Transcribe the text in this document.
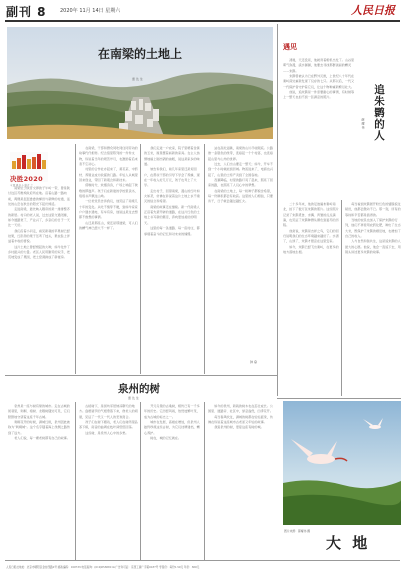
副刊 8	2020年 11月 14日 星期六	人民日报
在南梁的土地上
雷 达 生
决胜2020
全面建成小康社会
遇见
追朱鹮的人
薛 耀 伟

南梁位于陕甘交界的子午岭一带，曾是陕甘边区苏维埃政府所在地。沿着山路一路向前，两侧是层层叠叠的梯田与新修的村道，远处的山峦在秋日的阳光下起伏绵延。

走进南梁，最先映入眼帘的是一排排整齐的新居。村口的老人说，过去这里交通闭塞，如今道路宽了，产业兴了，乡亲们的日子一天比一天好。

我们沿着小河走，看见新栽的苹果树已经挂果，红彤彤的果子压弯了枝头，果农脸上洋溢着丰收的喜悦。

这片土地上曾经燃起的火种，如今化作了乡村振兴的力量。老区人民用勤劳的双手，把荒坡变成了果园，把土窑洞换成了新楼房。

在南梁，干部和群众同吃同住同劳动的故事代代相传。纪念馆里陈列的一件件文物，诉说着当年的艰苦岁月，也激励着后来者不忘初心。

村里的合作社办起来了，黄花菜、中药材、养殖业成为致富的门路。年轻人从城里回来创业，带回了新观念和新技术。

傍晚时分，炊烟袅袅，广场上响起了秧歌的锣鼓声。孩子们在新建的学校里读书，琅琅书声飘过山坳。

一位老党员告诉我们，他见证了南梁几十年的变化。从吃不饱穿不暖，到如今家家户户通水通电、有车有房，他说这是过去想都不敢想的事情。

山还是那座山，梁还是那道梁，可人们的精气神已经大不一样了。

我们走进一户农家，院子里晒着金黄的玉米，屋里摆着崭新的家具。女主人热情地端上刚出锅的油糕，说这是家乡的味道。

她告诉我们，前几年家里还是贫困户，在帮扶干部的引导下学会了养蜂，现在一年收入好几万元，孩子也考上了大学。

走出村子，回望南梁，漫山的红叶如火如荼，仿佛在诉说着这片土地上永不熄灭的信念和希望。

南梁的故事还在继续。新一代南梁人正沿着先辈开辟的道路，在这片红色的土地上书写新的篇章，奔向更加美好的明天。

这里的每一条道路、每一座村庄，都承载着奋斗的记忆和对未来的憧憬。

站在高处远眺，南梁的山川尽收眼底。公路像一条银色的丝带，连接起一个个村落，也连接起山里与山外的世界。

过去，人们出山要走一整天；如今，开车不到一个小时就能到县城。物流进来了，电商也兴起了，山里的土特产卖到了全国各地。

夜幕降临，村里的路灯亮了起来，照亮了回家的路，也照亮了人们心中的梦想。

在南梁的土地上，每一粒种子都饱含希望，每一份耕耘都会有收获。这里的人们相信，只要肯干，日子就会越过越红火。

钟 鼎

清晨，天还没亮，他就背着相机出发了。山谷里雾气弥漫，溪水潺潺，他要去寻找那群美丽的精灵——朱鹮。

朱鹮曾被认为已在野外灭绝，上世纪八十年代在秦岭深处重新发现了仅存的七只。从那以后，一代又一代保护者守护着它们，让这个物种重新繁衍壮大。

他说，追朱鹮是一件需要耐心的事情，有时候等上一整天也拍不到一张满意的照片。

二十多年来，他的足迹遍布秦岭南北，拍下了数万张朱鹮的照片。这些照片记录了朱鹮觅食、求偶、育雏的点点滴滴，也见证了朱鹮种群从濒危到复苏的历程。

他常说，朱鹮是吉祥之鸟，它们的回归说明我们的生态环境越来越好了。水清了，山绿了，朱鹮才愿意在这里安家。

如今，朱鹮已经飞出秦岭，在更多的地方落地生根。

每当看到朱鹮展开粉红色的翅膀掠过稻田，他都会激动不已。那一刻，所有的等待和辛苦都是值得的。

当地的农民也加入了保护朱鹮的行列，他们不再使用农药化肥，种出了生态大米，既保护了朱鹮的栖息地，也增加了自己的收入。

人与自然和谐共生，这是追朱鹮的人最大的心愿。他说，他会一直追下去，用镜头讲述更多朱鹮的故事。

泉州的树
雷 达 生

泉州是一座与树有缘的城市。走在古城的街巷里，刺桐、榕树、龙眼树随处可见，它们默默地守望着这座千年古城。

刺桐花开的时候，满城红艳，泉州因此被称为“刺桐城”。这个名字随着海上丝绸之路传到了远方。

老人们说，每一棵老树都有自己的故事。

古榕树下，是街坊邻居纳凉聊天的地方。盘根错节的气根垂落下来，像老人的胡须，见证了一代又一代人的悲欢离合。

孩子们在树下嬉戏，老人们在树荫里品茶下棋，南音的曲调在枝叶间悠悠回荡。

这些树，是泉州人心中的乡愁。

开元寺里的古桑树，相传已有一千多年的历史。它历经风雨，依然枝繁叶茂，成为古城的标志之一。

城市在发展，高楼在增加，但泉州人始终珍视这些古树，为它们挂牌建档，精心养护。

树在，城的记忆就在。

如今的泉州，新栽的树木也在茁壮成长。公园里、道路旁、社区中，绿意盎然，四季花开。

每当春风吹过，满城的树都在轻轻摇曳，仿佛在诉说着这座城市古老而又年轻的故事。

我爱泉州的树，更爱这座有树的城。

图片来源：薛耀伟 摄
大 地
人民日报社地址：北京市朝阳区金台西路2号 邮政编码：100733 电话查询：(010)65368114 广告许可证：京西工商广字第0187号 零售价：每份1.50元 年价：360元
